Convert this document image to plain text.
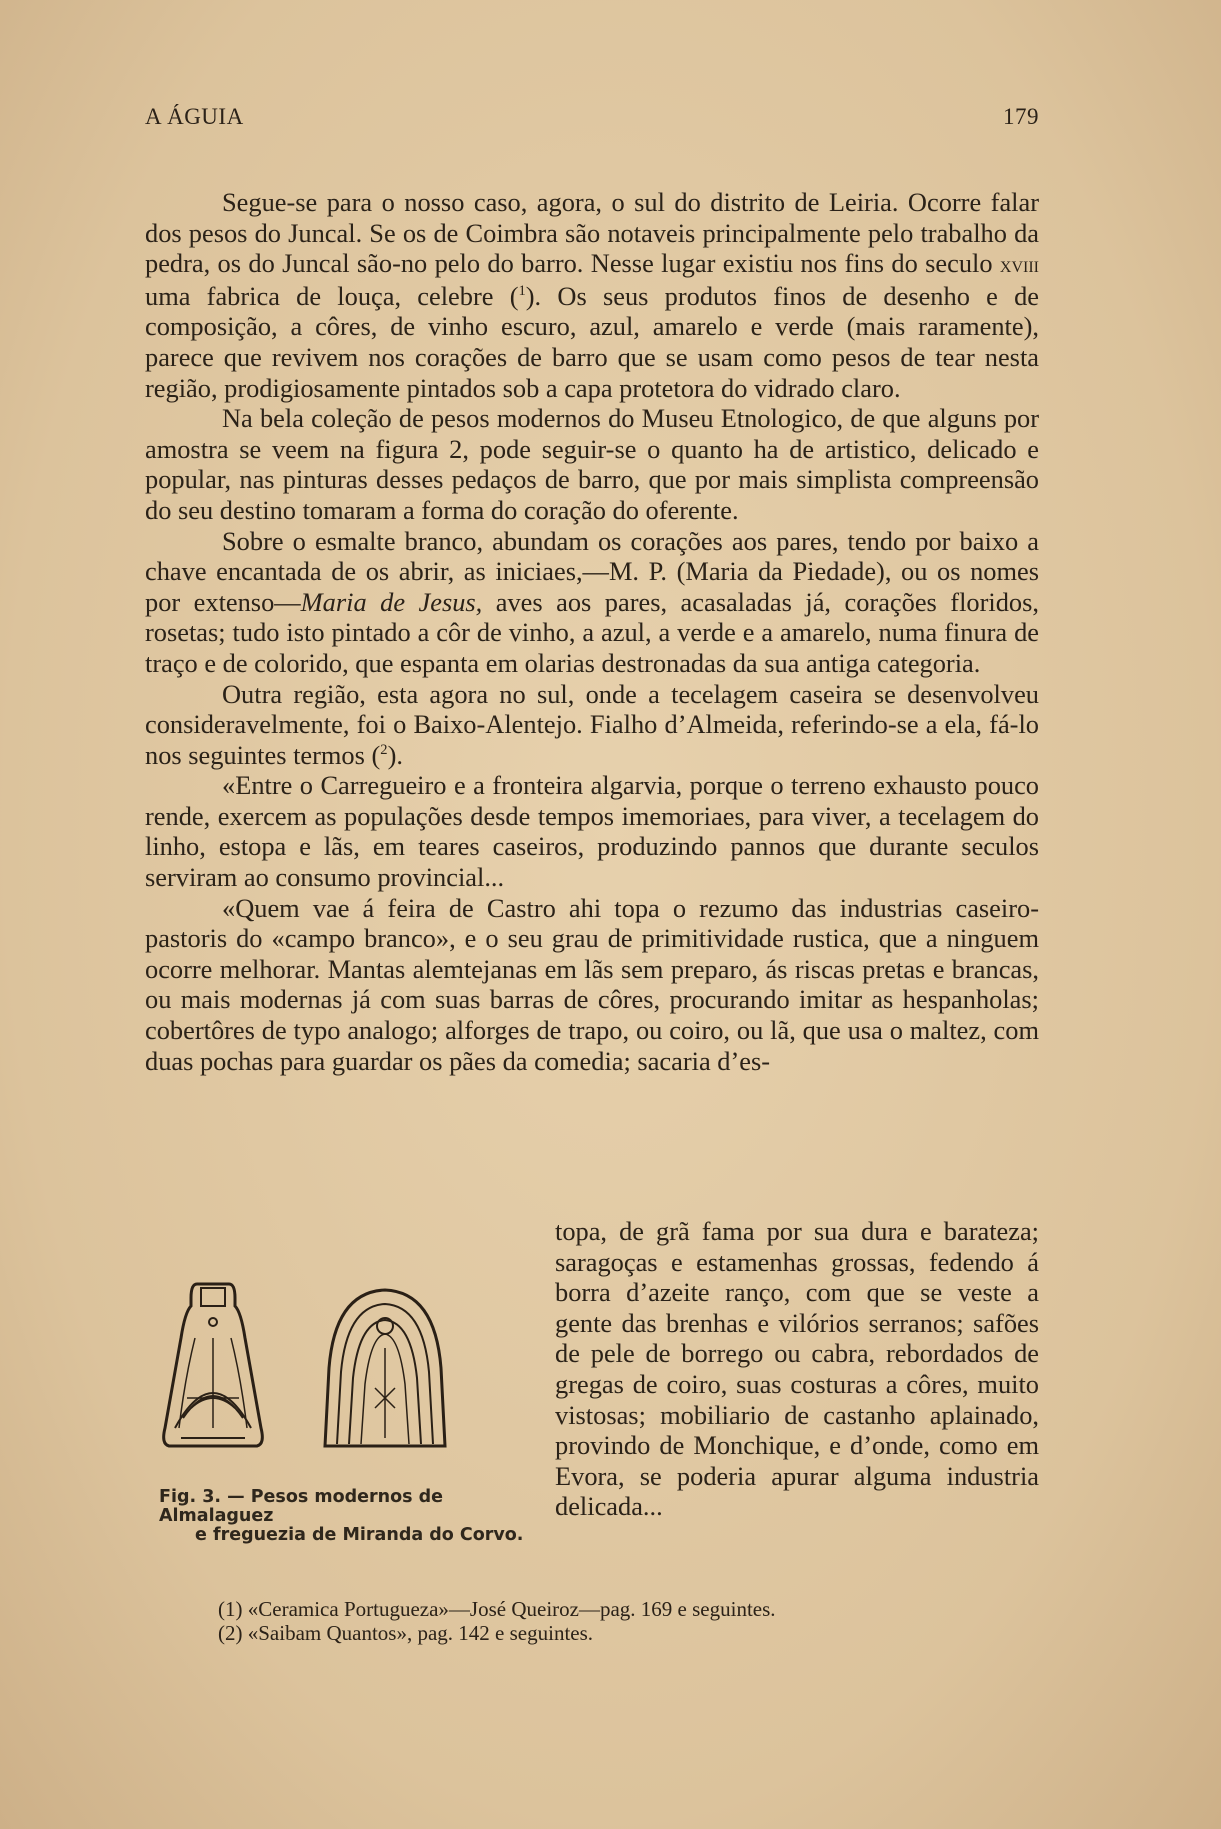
A ÁGUIA	179

Segue-se para o nosso caso, agora, o sul do distrito de Leiria. Ocorre falar dos pesos do Juncal. Se os de Coimbra são notaveis principalmente pelo trabalho da pedra, os do Juncal são-no pelo do barro. Nesse lugar existiu nos fins do seculo xviii uma fabrica de louça, celebre ($^1$). Os seus produtos finos de desenho e de composição, a côres, de vinho escuro, azul, amarelo e verde (mais raramente), parece que revivem nos corações de barro que se usam como pesos de tear nesta região, prodigiosamente pintados sob a capa protetora do vidrado claro.

Na bela coleção de pesos modernos do Museu Etnologico, de que alguns por amostra se veem na figura 2, pode seguir-se o quanto ha de artistico, delicado e popular, nas pinturas desses pedaços de barro, que por mais simplista compreensão do seu destino tomaram a forma do coração do oferente.

Sobre o esmalte branco, abundam os corações aos pares, tendo por baixo a chave encantada de os abrir, as iniciaes,—M. P. (Maria da Piedade), ou os nomes por extenso—Maria de Jesus, aves aos pares, acasaladas já, corações floridos, rosetas; tudo isto pintado a côr de vinho, a azul, a verde e a amarelo, numa finura de traço e de colorido, que espanta em olarias destronadas da sua antiga categoria.

Outra região, esta agora no sul, onde a tecelagem caseira se desenvolveu consideravelmente, foi o Baixo-Alentejo. Fialho d’Almeida, referindo-se a ela, fá-lo nos seguintes termos ($^2$).

«Entre o Carregueiro e a fronteira algarvia, porque o terreno exhausto pouco rende, exercem as populações desde tempos imemoriaes, para viver, a tecelagem do linho, estopa e lãs, em teares caseiros, produzindo pannos que durante seculos serviram ao consumo provincial...

«Quem vae á feira de Castro ahi topa o rezumo das industrias caseiro-pastoris do «campo branco», e o seu grau de primitividade rustica, que a ninguem ocorre melhorar. Mantas alemtejanas em lãs sem preparo, ás riscas pretas e brancas, ou mais modernas já com suas barras de côres, procurando imitar as hespanholas; cobertôres de typo analogo; alforges de trapo, ou coiro, ou lã, que usa o maltez, com duas pochas para guardar os pães da comedia; sacaria d’es-

Fig. 3. — Pesos modernos de Almalaguez
e freguezia de Miranda do Corvo.
topa, de grã fama por sua dura e barateza; saragoças e estamenhas grossas, fedendo á borra d’azeite ranço, com que se veste a gente das brenhas e vilórios serranos; safões de pele de borrego ou cabra, rebordados de gregas de coiro, suas costuras a côres, muito vistosas; mobiliario de castanho aplainado, provindo de Monchique, e d’onde, como em Evora, se poderia apurar alguma industria delicada...
(1) «Ceramica Portugueza»—José Queiroz—pag. 169 e seguintes.
(2) «Saibam Quantos», pag. 142 e seguintes.
